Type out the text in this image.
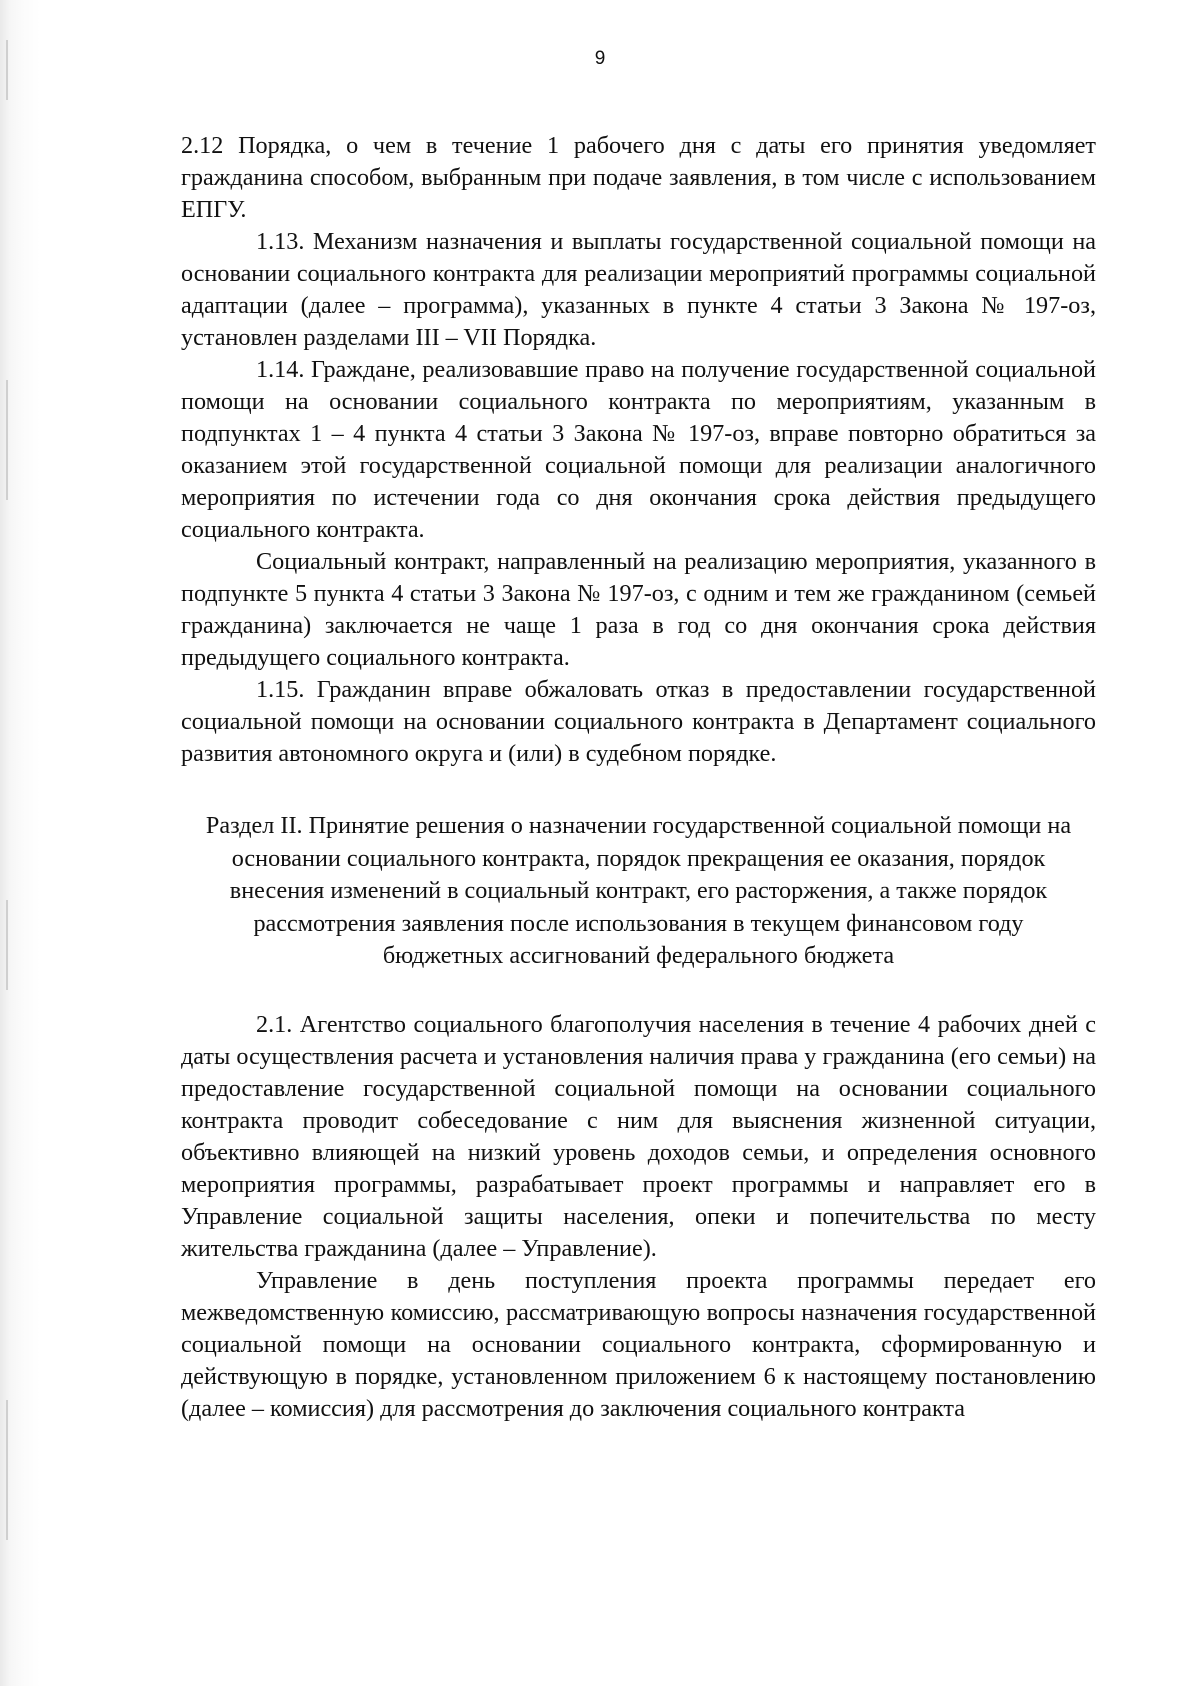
9

2.12 Порядка, о чем в течение 1 рабочего дня с даты его принятия уведомляет гражданина способом, выбранным при подаче заявления, в том числе с использованием ЕПГУ.

1.13. Механизм назначения и выплаты государственной социальной помощи на основании социального контракта для реализации мероприятий программы социальной адаптации (далее – программа), указанных в пункте 4 статьи 3 Закона № 197-оз, установлен разделами III – VII Порядка.

1.14. Граждане, реализовавшие право на получение государственной социальной помощи на основании социального контракта по мероприятиям, указанным в подпунктах 1 – 4 пункта 4 статьи 3 Закона № 197-оз, вправе повторно обратиться за оказанием этой государственной социальной помощи для реализации аналогичного мероприятия по истечении года со дня окончания срока действия предыдущего социального контракта.

Социальный контракт, направленный на реализацию мероприятия, указанного в подпункте 5 пункта 4 статьи 3 Закона № 197-оз, с одним и тем же гражданином (семьей гражданина) заключается не чаще 1 раза в год со дня окончания срока действия предыдущего социального контракта.

1.15. Гражданин вправе обжаловать отказ в предоставлении государственной социальной помощи на основании социального контракта в Департамент социального развития автономного округа и (или) в судебном порядке.

Раздел II. Принятие решения о назначении государственной социальной помощи на основании социального контракта, порядок прекращения ее оказания, порядок внесения изменений в социальный контракт, его расторжения, а также порядок рассмотрения заявления после использования в текущем финансовом году бюджетных ассигнований федерального бюджета

2.1. Агентство социального благополучия населения в течение 4 рабочих дней с даты осуществления расчета и установления наличия права у гражданина (его семьи) на предоставление государственной социальной помощи на основании социального контракта проводит собеседование с ним для выяснения жизненной ситуации, объективно влияющей на низкий уровень доходов семьи, и определения основного мероприятия программы, разрабатывает проект программы и направляет его в Управление социальной защиты населения, опеки и попечительства по месту жительства гражданина (далее – Управление).

Управление в день поступления проекта программы передает его межведомственную комиссию, рассматривающую вопросы назначения государственной социальной помощи на основании социального контракта, сформированную и действующую в порядке, установленном приложением 6 к настоящему постановлению (далее – комиссия) для рассмотрения до заключения социального контракта
